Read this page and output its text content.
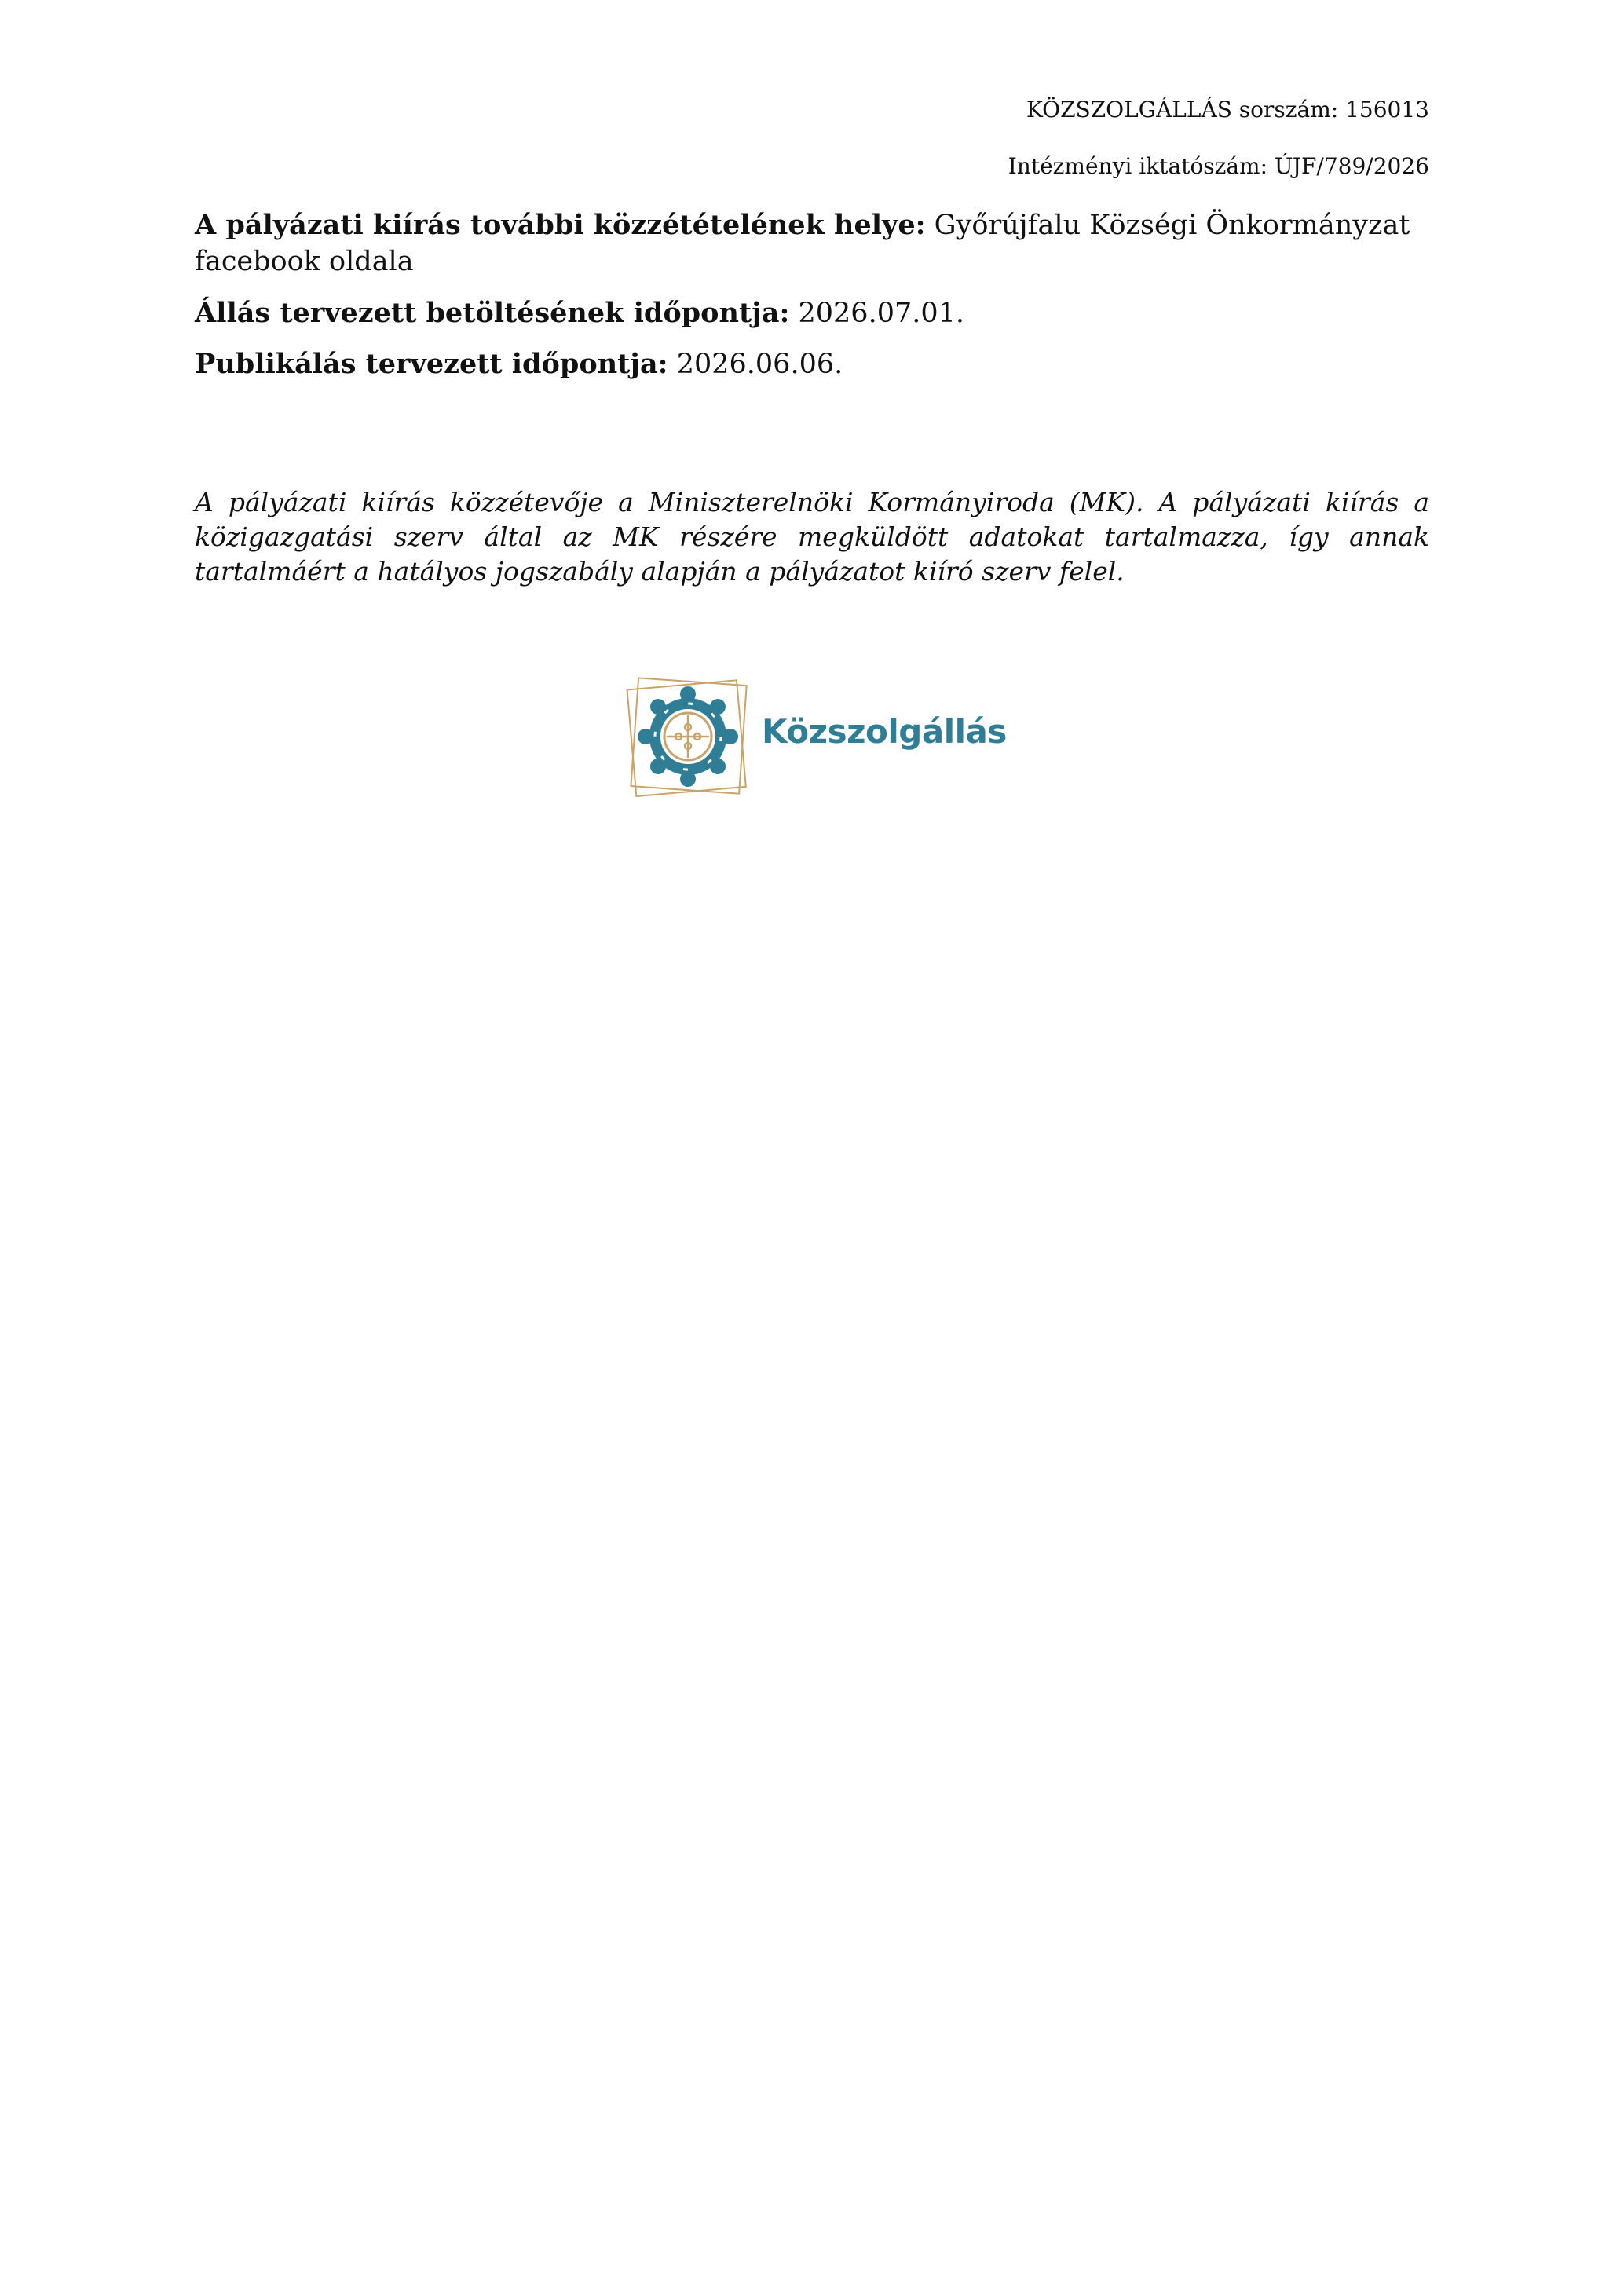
KÖZSZOLGÁLLÁS sorszám: 156013
Intézményi iktatószám: ÚJF/789/2026
A pályázati kiírás további közzétételének helye: Győrújfalu Községi Önkormányzat facebook oldala
Állás tervezett betöltésének időpontja: 2026.07.01.
Publikálás tervezett időpontja: 2026.06.06.
A pályázati kiírás közzétevője a Miniszterelnöki Kormányiroda (MK). A pályázati kiírás a közigazgatási szerv által az MK részére megküldött adatokat tartalmazza, így annak tartalmáért a hatályos jogszabály alapján a pályázatot kiíró szerv felel.
Közszolgállás
